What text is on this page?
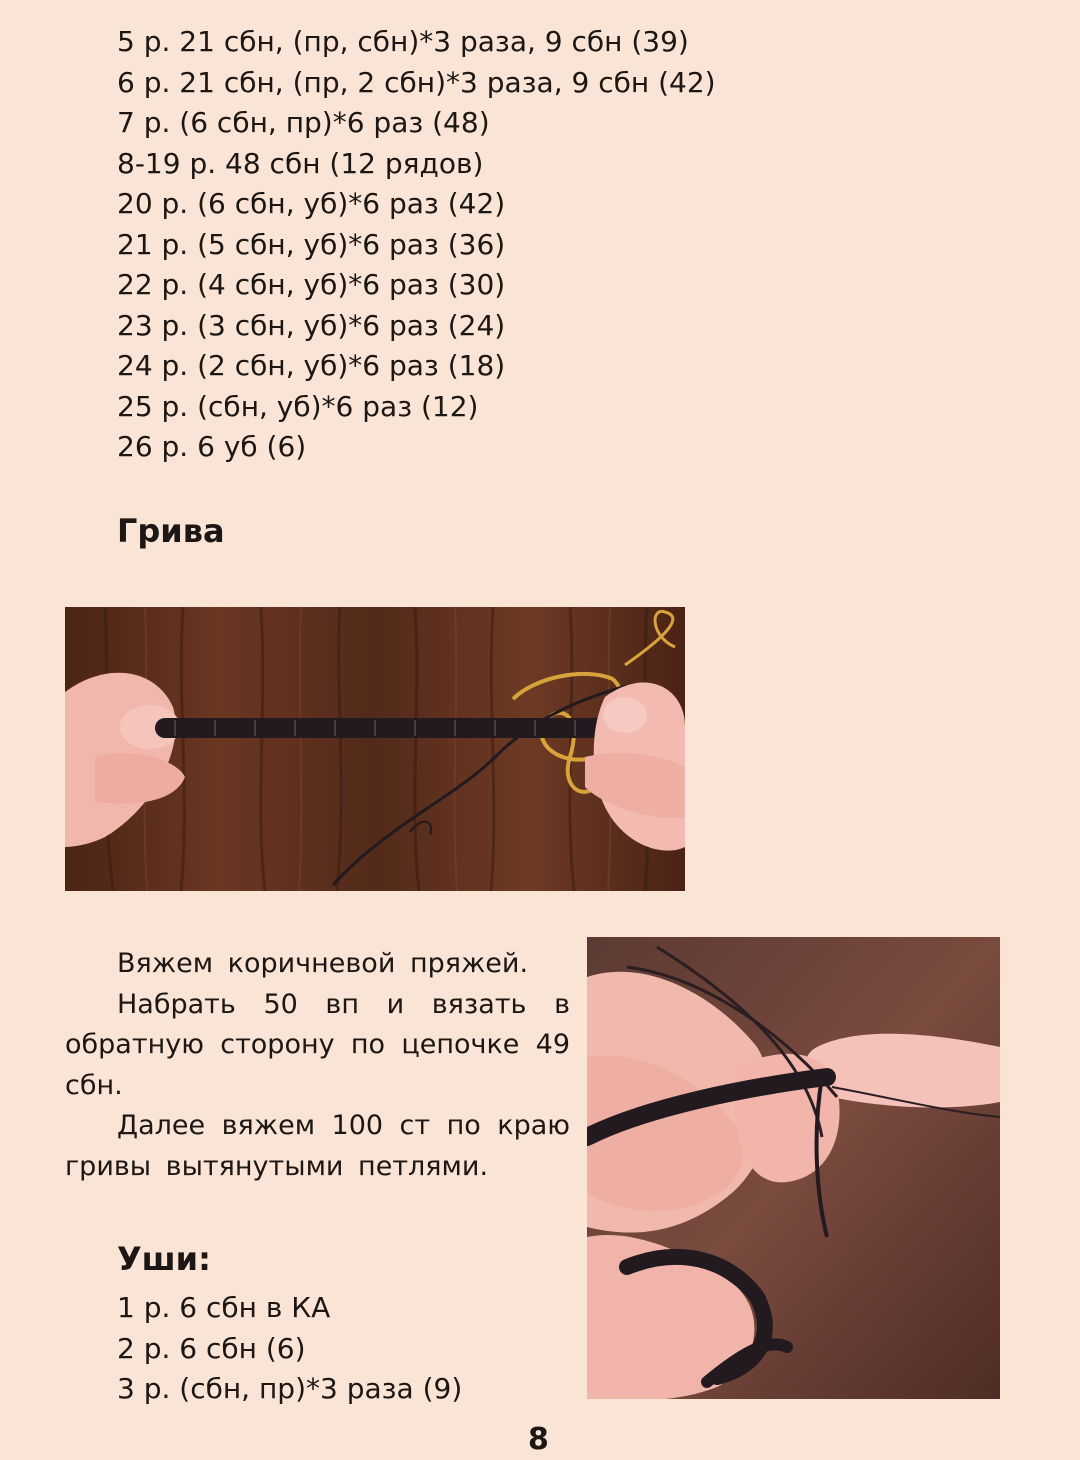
5 р. 21 сбн, (пр, сбн)*3 раза, 9 сбн (39)
6 р. 21 сбн, (пр, 2 сбн)*3 раза, 9 сбн (42)
7 р. (6 сбн, пр)*6 раз (48)
8-19 р. 48 сбн (12 рядов)
20 р. (6 сбн, уб)*6 раз (42)
21 р. (5 сбн, уб)*6 раз (36)
22 р. (4 сбн, уб)*6 раз (30)
23 р. (3 сбн, уб)*6 раз (24)
24 р. (2 сбн, уб)*6 раз (18)
25 р. (сбн, уб)*6 раз (12)
26 р. 6 уб (6)
Грива

Вяжем коричневой пряжей.

Набрать 50 вп и вязать в обратную сторону по цепочке 49 сбн.

Далее вяжем 100 ст по краю гривы вытянутыми петлями.

Уши:
1 р. 6 сбн в КА
2 р. 6 сбн (6)
3 р. (сбн, пр)*3 раза (9)
8
